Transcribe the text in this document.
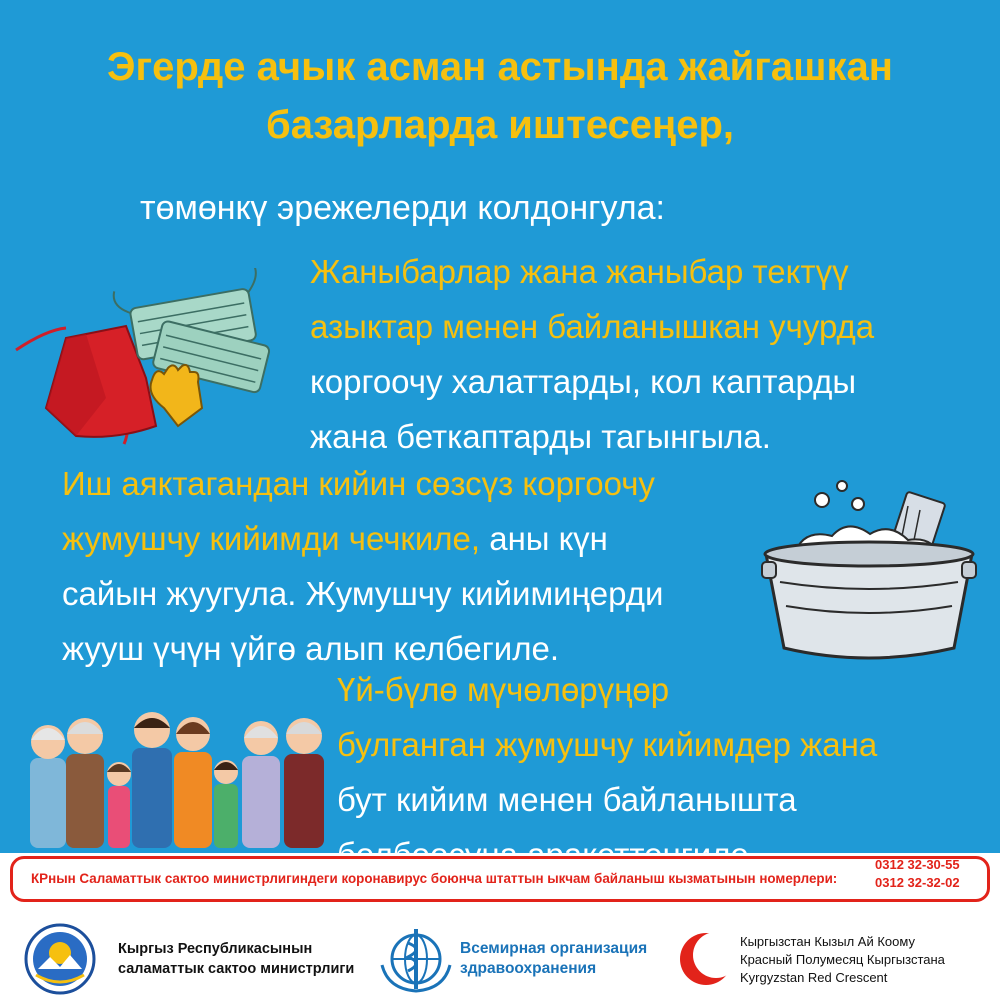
Эгерде ачык асман астында жайгашкан
базарларда иштесеңер,
төмөнкү эрежелерди колдонгула:
Жаныбарлар жана жаныбар тектүү
азыктар менен байланышкан учурда
коргоочу халаттарды, кол каптарды
жана беткаптарды тагынгыла.
Иш аяктагандан кийин сөзсүз коргоочу
жумушчу кийимди чечкиле, аны күн
сайын жуугула. Жумушчу кийимиңерди
жууш үчүн үйгө алып келбегиле.
Үй-бүлө мүчөлөрүңөр
булганган жумушчу кийимдер жана
бут кийим менен байланышта
КРнын Саламаттык сактоо министрлигиндеги коронавирус боюнча штаттын ыкчам байланыш кызматынын номерлери:
0312 32-30-55
0312 32-32-02
Кыргыз Республикасынын
саламаттык сактоо министрлиги
Всемирная организация
здравоохранения
Кыргызстан Кызыл Ай Коому
Красный Полумесяц Кыргызстана
Kyrgyzstan Red Crescent
